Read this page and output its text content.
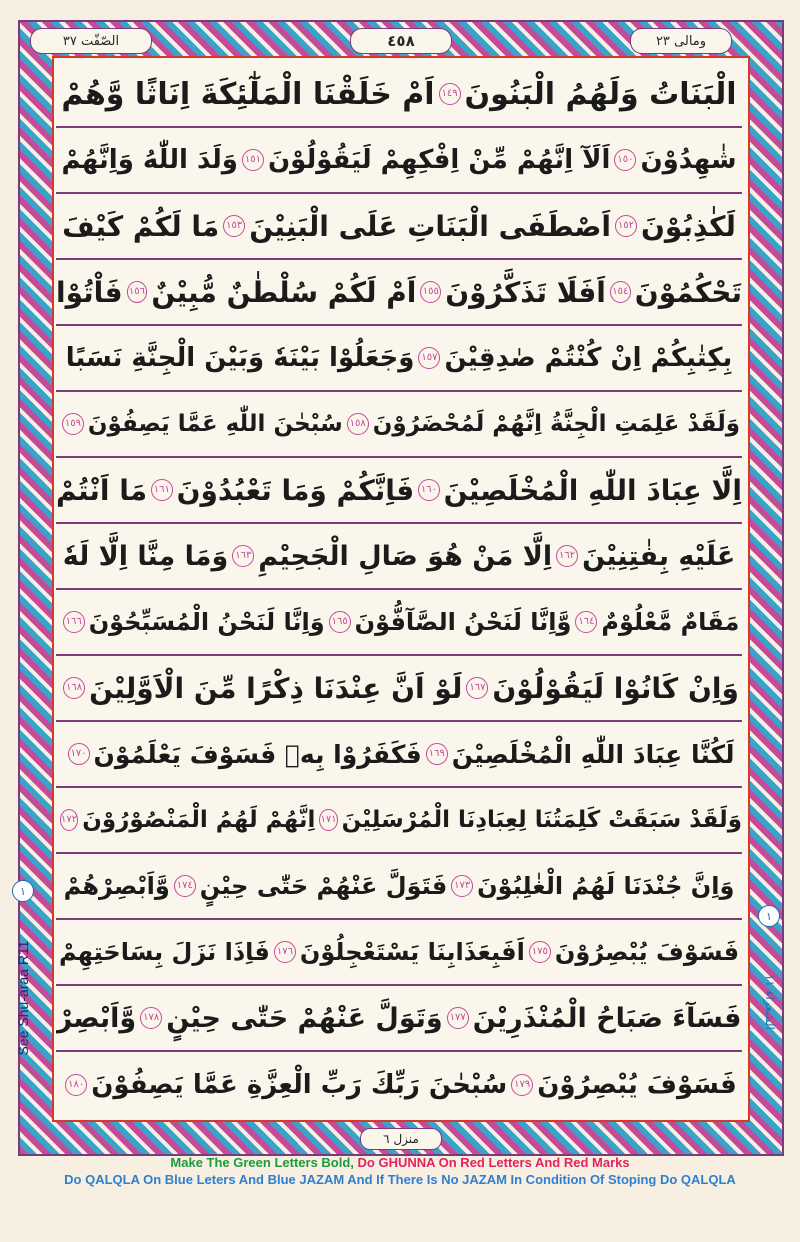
الصّفّت ٣٧	٤٥٨	ومالی ٢٣
الْبَنَاتُ وَلَهُمُ الْبَنُونَ
١٤٩
اَمْ خَلَقْنَا الْمَلٰٓئِكَةَ اِنَاثًا وَّهُمْ
شٰهِدُوْنَ
١٥٠
اَلَآ اِنَّهُمْ مِّنْ اِفْكِهِمْ لَيَقُوْلُوْنَ
١٥١
وَلَدَ اللّٰهُ وَاِنَّهُمْ
لَكٰذِبُوْنَ
١٥٢
اَصْطَفَى الْبَنَاتِ عَلَى الْبَنِيْنَ
١٥٣
مَا لَكُمْ كَيْفَ
تَحْكُمُوْنَ
١٥٤
اَفَلَا تَذَكَّرُوْنَ
١٥٥
اَمْ لَكُمْ سُلْطٰنٌ مُّبِيْنٌ
١٥٦
فَاْتُوْا
بِكِتٰبِكُمْ اِنْ كُنْتُمْ صٰدِقِيْنَ
١٥٧
وَجَعَلُوْا بَيْنَهٗ وَبَيْنَ الْجِنَّةِ نَسَبًا
وَلَقَدْ عَلِمَتِ الْجِنَّةُ اِنَّهُمْ لَمُحْضَرُوْنَ
١٥٨
سُبْحٰنَ اللّٰهِ عَمَّا يَصِفُوْنَ
١٥٩
اِلَّا عِبَادَ اللّٰهِ الْمُخْلَصِيْنَ
١٦٠
فَاِنَّكُمْ وَمَا تَعْبُدُوْنَ
١٦١
مَا اَنْتُمْ
عَلَيْهِ بِفٰتِنِيْنَ
١٦٢
اِلَّا مَنْ هُوَ صَالِ الْجَحِيْمِ
١٦٣
وَمَا مِنَّا اِلَّا لَهٗ
مَقَامٌ مَّعْلُوْمٌ
١٦٤
وَّاِنَّا لَنَحْنُ الصَّآفُّوْنَ
١٦٥
وَاِنَّا لَنَحْنُ الْمُسَبِّحُوْنَ
١٦٦
وَاِنْ كَانُوْا لَيَقُوْلُوْنَ
١٦٧
لَوْ اَنَّ عِنْدَنَا ذِكْرًا مِّنَ الْاَوَّلِيْنَ
١٦٨
لَكُنَّا عِبَادَ اللّٰهِ الْمُخْلَصِيْنَ
١٦٩
فَكَفَرُوْا بِهٖ فَسَوْفَ يَعْلَمُوْنَ
١٧٠
وَلَقَدْ سَبَقَتْ كَلِمَتُنَا لِعِبَادِنَا الْمُرْسَلِيْنَ
١٧١
اِنَّهُمْ لَهُمُ الْمَنْصُوْرُوْنَ
١٧٢
وَاِنَّ جُنْدَنَا لَهُمُ الْغٰلِبُوْنَ
١٧٣
فَتَوَلَّ عَنْهُمْ حَتّٰى حِيْنٍ
١٧٤
وَّاَبْصِرْهُمْ
فَسَوْفَ يُبْصِرُوْنَ
١٧٥
اَفَبِعَذَابِنَا يَسْتَعْجِلُوْنَ
١٧٦
فَاِذَا نَزَلَ بِسَاحَتِهِمْ
فَسَآءَ صَبَاحُ الْمُنْذَرِيْنَ
١٧٧
وَتَوَلَّ عَنْهُمْ حَتّٰى حِيْنٍ
١٧٨
وَّاَبْصِرْ
فَسَوْفَ يُبْصِرُوْنَ
١٧٩
سُبْحٰنَ رَبِّكَ رَبِّ الْعِزَّةِ عَمَّا يَصِفُوْنَ
١٨٠
منزل ٦
١
See Shu-araa R11
١
الشعراء ١١
Make The Green Letters Bold, Do GHUNNA On Red Letters And Red Marks
Do QALQLA On Blue Leters And Blue JAZAM And If There Is No JAZAM In Condition Of Stoping Do QALQLA
